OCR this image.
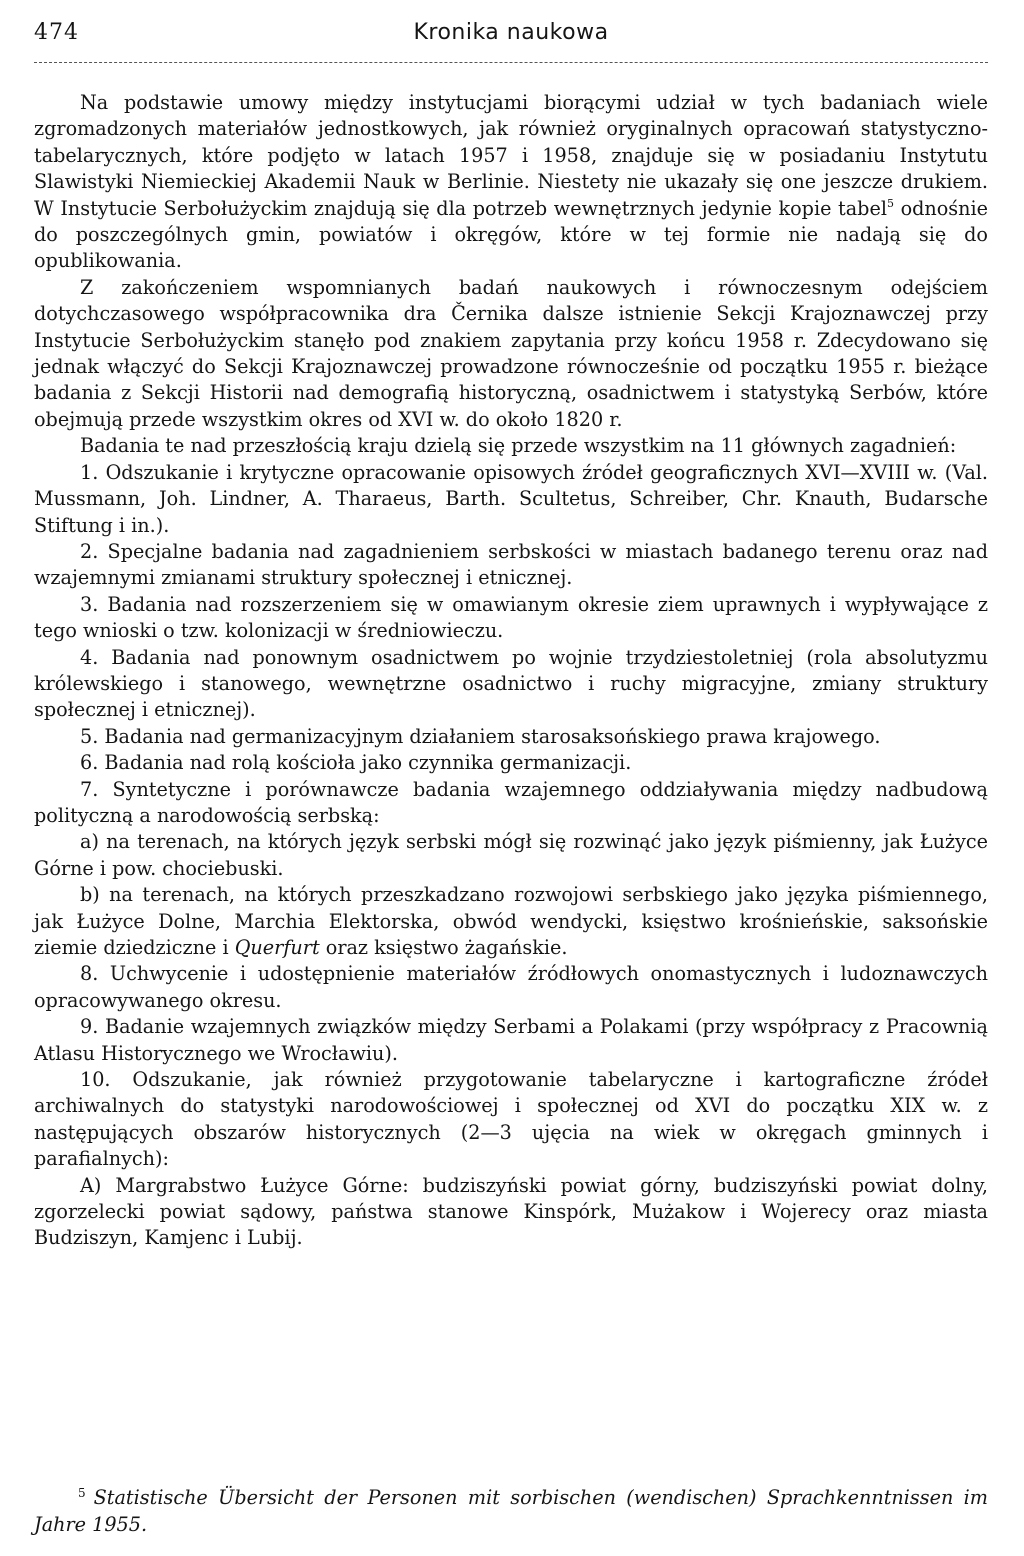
474	Kronika naukowa

Na podstawie umowy między instytucjami biorącymi udział w tych badaniach wiele zgromadzonych materiałów jednostkowych, jak również oryginalnych opracowań statystyczno-tabelarycznych, które podjęto w latach 1957 i 1958, znajduje się w posiadaniu Instytutu Slawistyki Niemieckiej Akademii Nauk w Berlinie. Niestety nie ukazały się one jeszcze drukiem. W Instytucie Serbołużyckim znajdują się dla potrzeb wewnętrznych jedynie kopie tabel$^5$ odnośnie do poszczególnych gmin, powiatów i okręgów, które w tej formie nie nadają się do opublikowania.

Z zakończeniem wspomnianych badań naukowych i równoczesnym odejściem dotychczasowego współpracownika dra Černika dalsze istnienie Sekcji Krajoznawczej przy Instytucie Serbołużyckim stanęło pod znakiem zapytania przy końcu 1958 r. Zdecydowano się jednak włączyć do Sekcji Krajoznawczej prowadzone równocześnie od początku 1955 r. bieżące badania z Sekcji Historii nad demografią historyczną, osadnictwem i statystyką Serbów, które obejmują przede wszystkim okres od XVI w. do około 1820 r.

Badania te nad przeszłością kraju dzielą się przede wszystkim na 11 głównych zagadnień:

1. Odszukanie i krytyczne opracowanie opisowych źródeł geograficznych XVI—XVIII w. (Val. Mussmann, Joh. Lindner, A. Tharaeus, Barth. Scultetus, Schreiber, Chr. Knauth, Budarsche Stiftung i in.).

2. Specjalne badania nad zagadnieniem serbskości w miastach badanego terenu oraz nad wzajemnymi zmianami struktury społecznej i etnicznej.

3. Badania nad rozszerzeniem się w omawianym okresie ziem uprawnych i wypływające z tego wnioski o tzw. kolonizacji w średniowieczu.

4. Badania nad ponownym osadnictwem po wojnie trzydziestoletniej (rola absolutyzmu królewskiego i stanowego, wewnętrzne osadnictwo i ruchy migracyjne, zmiany struktury społecznej i etnicznej).

5. Badania nad germanizacyjnym działaniem starosaksońskiego prawa krajowego.

6. Badania nad rolą kościoła jako czynnika germanizacji.

7. Syntetyczne i porównawcze badania wzajemnego oddziaływania między nadbudową polityczną a narodowością serbską:

a) na terenach, na których język serbski mógł się rozwinąć jako język piśmienny, jak Łużyce Górne i pow. chociebuski.

b) na terenach, na których przeszkadzano rozwojowi serbskiego jako języka piśmiennego, jak Łużyce Dolne, Marchia Elektorska, obwód wendycki, księstwo krośnieńskie, saksońskie ziemie dziedziczne i Querfurt oraz księstwo żagańskie.

8. Uchwycenie i udostępnienie materiałów źródłowych onomastycznych i ludoznawczych opracowywanego okresu.

9. Badanie wzajemnych związków między Serbami a Polakami (przy współpracy z Pracownią Atlasu Historycznego we Wrocławiu).

10. Odszukanie, jak również przygotowanie tabelaryczne i kartograficzne źródeł archiwalnych do statystyki narodowościowej i społecznej od XVI do początku XIX w. z następujących obszarów historycznych (2—3 ujęcia na wiek w okręgach gminnych i parafialnych):

A) Margrabstwo Łużyce Górne: budziszyński powiat górny, budziszyński powiat dolny, zgorzelecki powiat sądowy, państwa stanowe Kinspórk, Mużakow i Wojerecy oraz miasta Budziszyn, Kamjenc i Lubij.

$^5$ Statistische Übersicht der Personen mit sorbischen (wendischen) Sprachkenntnissen im Jahre 1955.
